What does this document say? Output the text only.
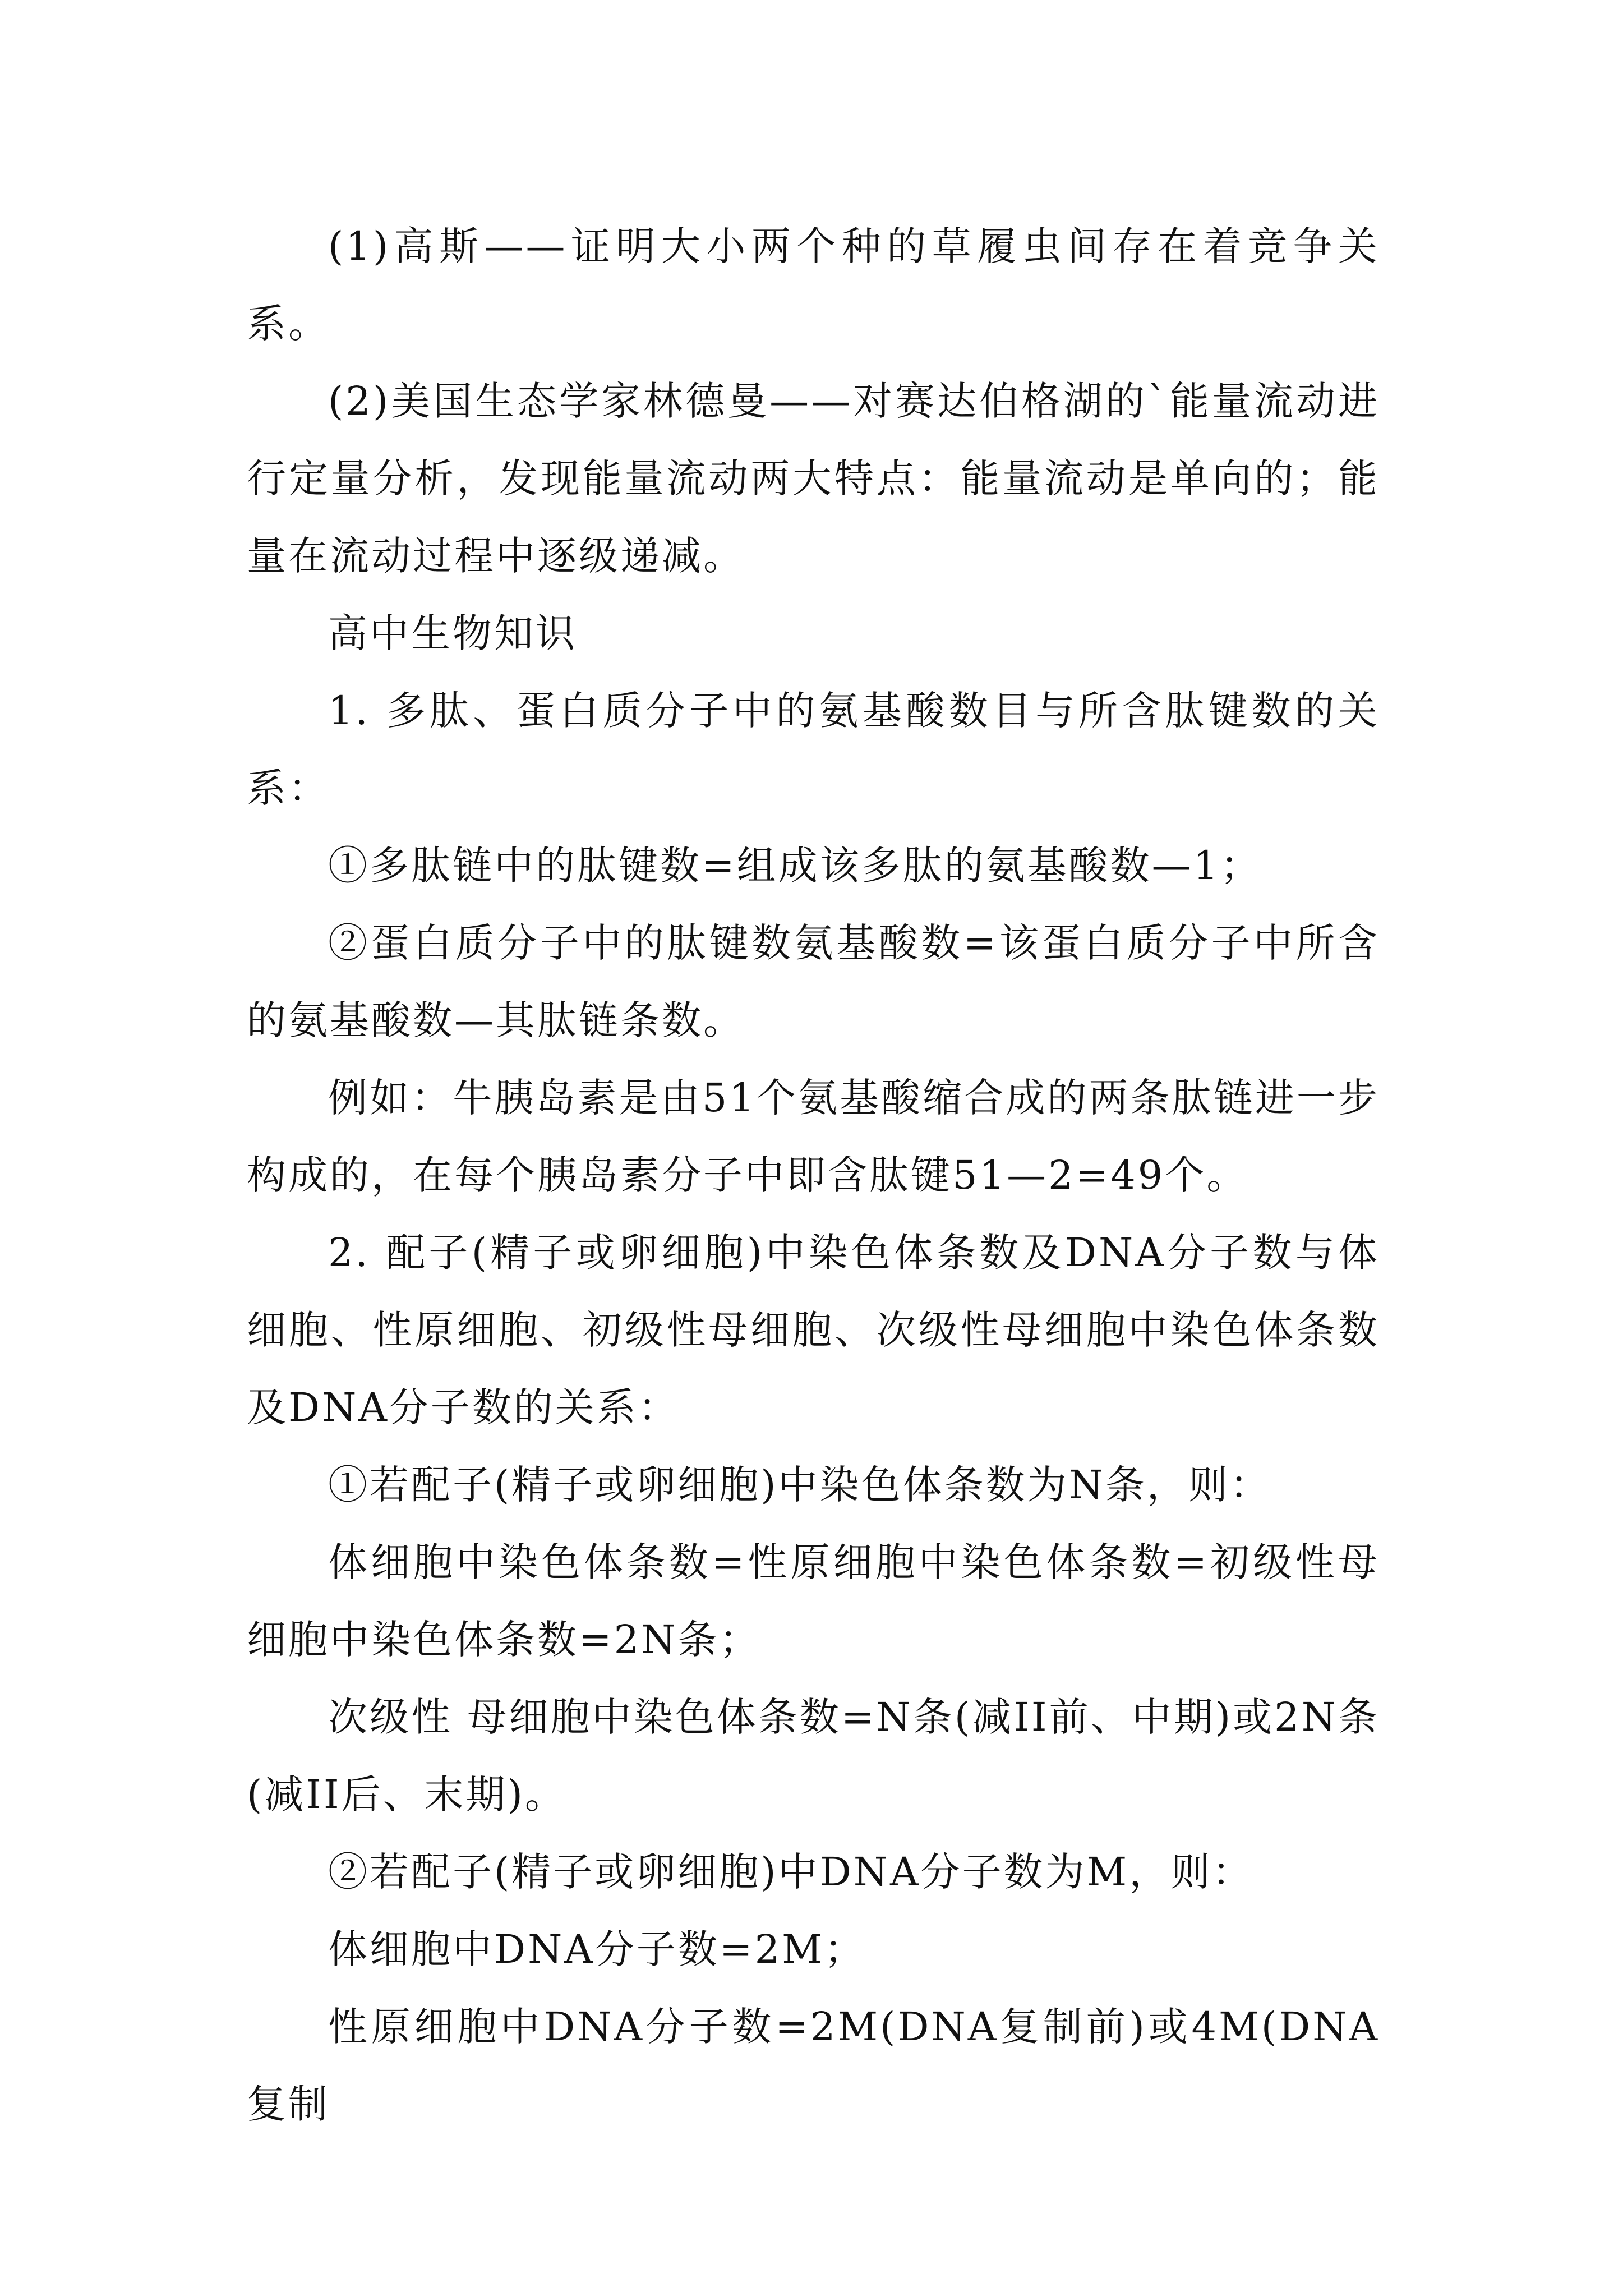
(1)高斯——证明大小两个种的草履虫间存在着竞争关系。

(2)美国生态学家林德曼——对赛达伯格湖的`能量流动进行定量分析，发现能量流动两大特点：能量流动是单向的；能量在流动过程中逐级递减。

高中生物知识

1. 多肽、蛋白质分子中的氨基酸数目与所含肽键数的关系：

①多肽链中的肽键数=组成该多肽的氨基酸数—1；

②蛋白质分子中的肽键数氨基酸数=该蛋白质分子中所含的氨基酸数—其肽链条数。

例如：牛胰岛素是由51个氨基酸缩合成的两条肽链进一步构成的，在每个胰岛素分子中即含肽键51—2=49个。

2. 配子(精子或卵细胞)中染色体条数及DNA分子数与体细胞、性原细胞、初级性母细胞、次级性母细胞中染色体条数及DNA分子数的关系：

①若配子(精子或卵细胞)中染色体条数为N条，则：

体细胞中染色体条数=性原细胞中染色体条数=初级性母细胞中染色体条数=2N条；

次级性 母细胞中染色体条数=N条(减II前、中期)或2N条(减II后、末期)。

②若配子(精子或卵细胞)中DNA分子数为M，则：

体细胞中DNA分子数=2M；

性原细胞中DNA分子数=2M(DNA复制前)或4M(DNA复制
